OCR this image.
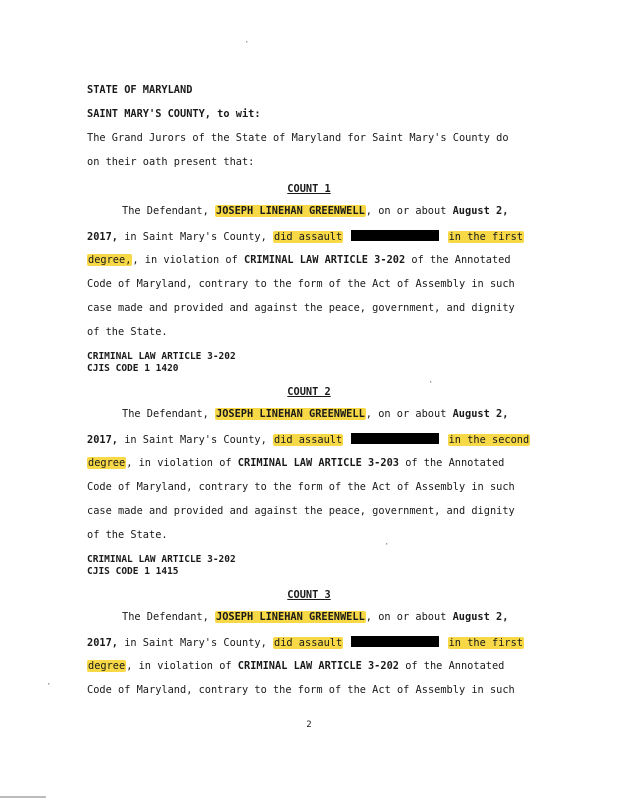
STATE OF MARYLAND
SAINT MARY'S COUNTY, to wit:
The Grand Jurors of the State of Maryland for Saint Mary's County do
on their oath present that:
COUNT 1
The Defendant, JOSEPH LINEHAN GREENWELL, on or about August 2,
2017, in Saint Mary's County, did assault	in the first
degree,, in violation of CRIMINAL LAW ARTICLE 3-202 of the Annotated
Code of Maryland, contrary to the form of the Act of Assembly in such
case made and provided and against the peace, government, and dignity
of the State.
CRIMINAL LAW ARTICLE 3-202
CJIS CODE 1 1420
COUNT 2
The Defendant, JOSEPH LINEHAN GREENWELL, on or about August 2,
2017, in Saint Mary's County, did assault	in the second
degree, in violation of CRIMINAL LAW ARTICLE 3-203 of the Annotated
Code of Maryland, contrary to the form of the Act of Assembly in such
case made and provided and against the peace, government, and dignity
of the State.
CRIMINAL LAW ARTICLE 3-202
CJIS CODE 1 1415
COUNT 3
The Defendant, JOSEPH LINEHAN GREENWELL, on or about August 2,
2017, in Saint Mary's County, did assault	in the first
degree, in violation of CRIMINAL LAW ARTICLE 3-202 of the Annotated
Code of Maryland, contrary to the form of the Act of Assembly in such
2
·
·
·
·
